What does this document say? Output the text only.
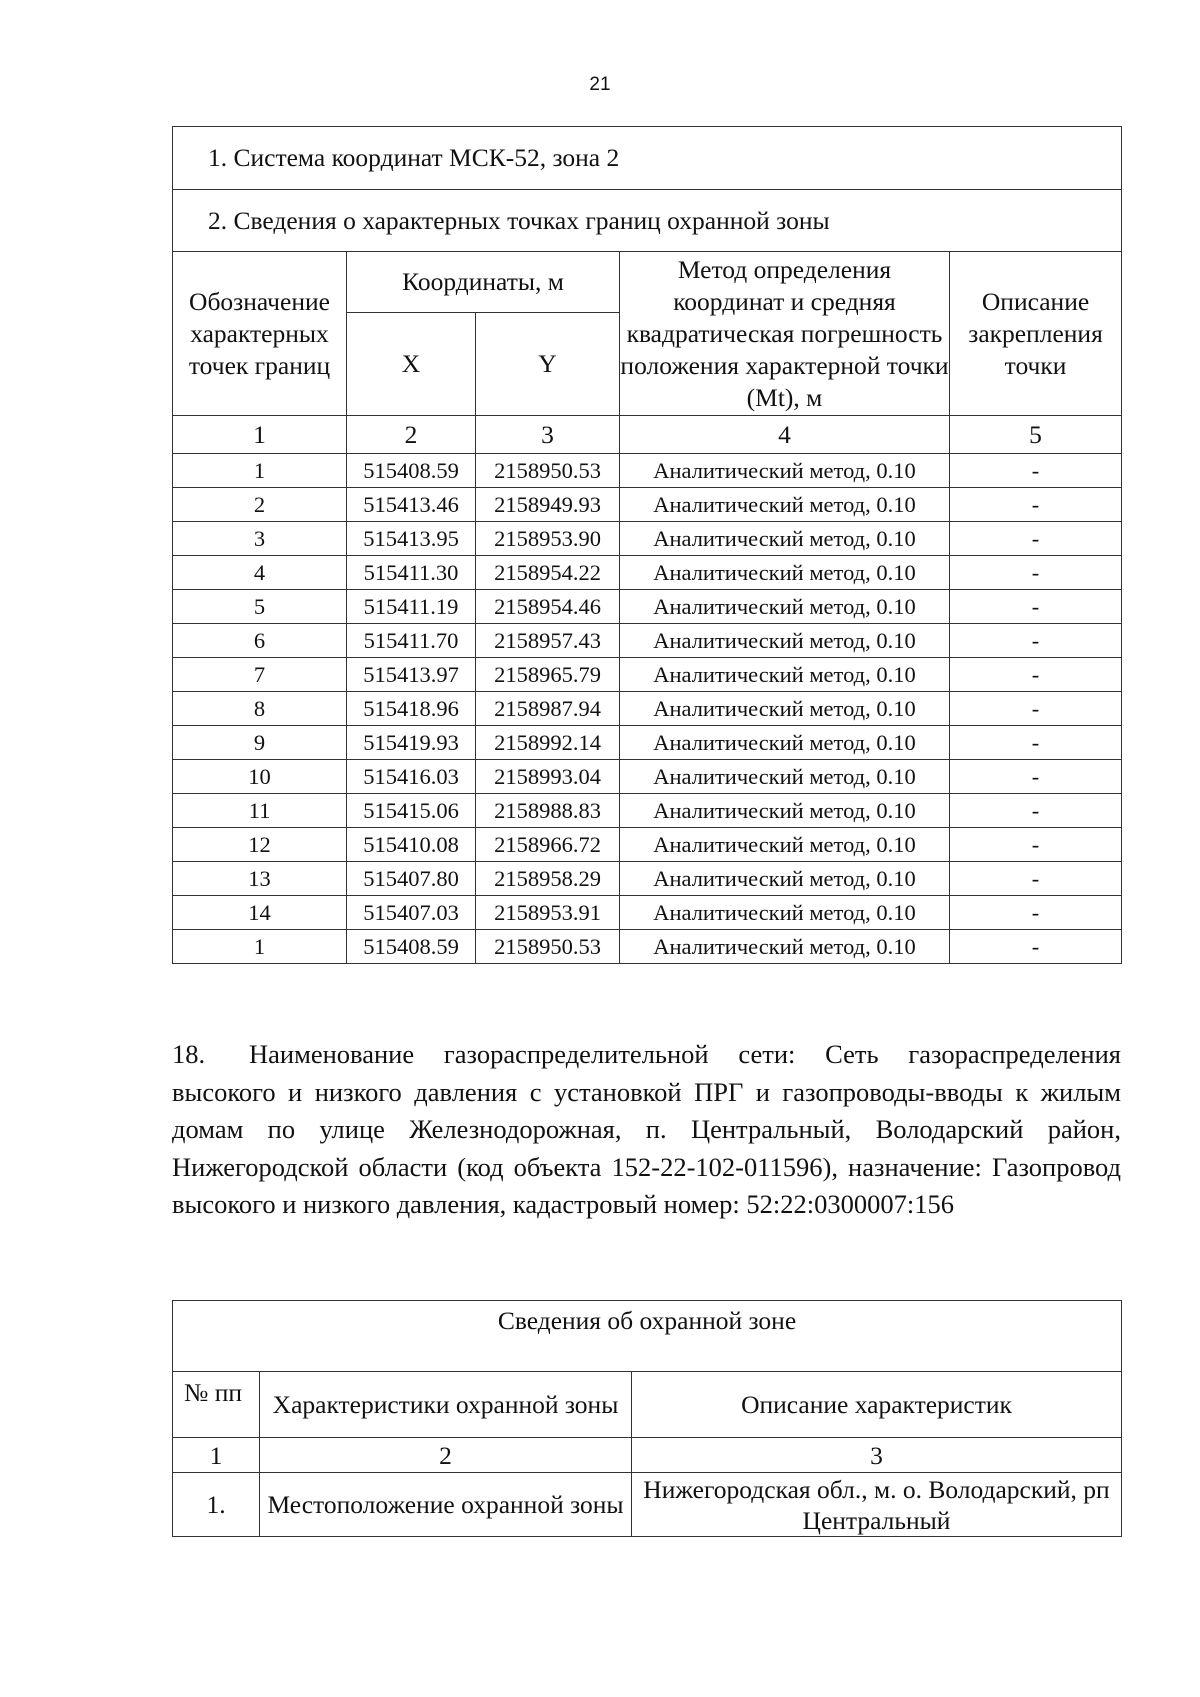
21
1. Система координат МСК-52, зона 2				
2. Сведения о характерных точках границ охранной зоны				
Обозначение характерных точек границ	Координаты, м		Метод определения координат и средняя квадратическая погрешность положения характерной точки (Mt), м	Описание закрепления точки
	X	Y		
1	2	3	4	5
1	515408.59	2158950.53	Аналитический метод, 0.10	-
2	515413.46	2158949.93	Аналитический метод, 0.10	-
3	515413.95	2158953.90	Аналитический метод, 0.10	-
4	515411.30	2158954.22	Аналитический метод, 0.10	-
5	515411.19	2158954.46	Аналитический метод, 0.10	-
6	515411.70	2158957.43	Аналитический метод, 0.10	-
7	515413.97	2158965.79	Аналитический метод, 0.10	-
8	515418.96	2158987.94	Аналитический метод, 0.10	-
9	515419.93	2158992.14	Аналитический метод, 0.10	-
10	515416.03	2158993.04	Аналитический метод, 0.10	-
11	515415.06	2158988.83	Аналитический метод, 0.10	-
12	515410.08	2158966.72	Аналитический метод, 0.10	-
13	515407.80	2158958.29	Аналитический метод, 0.10	-
14	515407.03	2158953.91	Аналитический метод, 0.10	-
1	515408.59	2158950.53	Аналитический метод, 0.10	-
18. Наименование газораспределительной сети: Сеть газораспределения высокого и низкого давления с установкой ПРГ и газопроводы-вводы к жилым домам по улице Железнодорожная, п. Центральный, Володарский район, Нижегородской области (код объекта 152-22-102-011596), назначение: Газопровод высокого и низкого давления, кадастровый номер: 52:22:0300007:156
Сведения об охранной зоне		
№ пп	Характеристики охранной зоны	Описание характеристик
1	2	3
1.	Местоположение охранной зоны	Нижегородская обл., м. о. Володарский, рп Центральный
